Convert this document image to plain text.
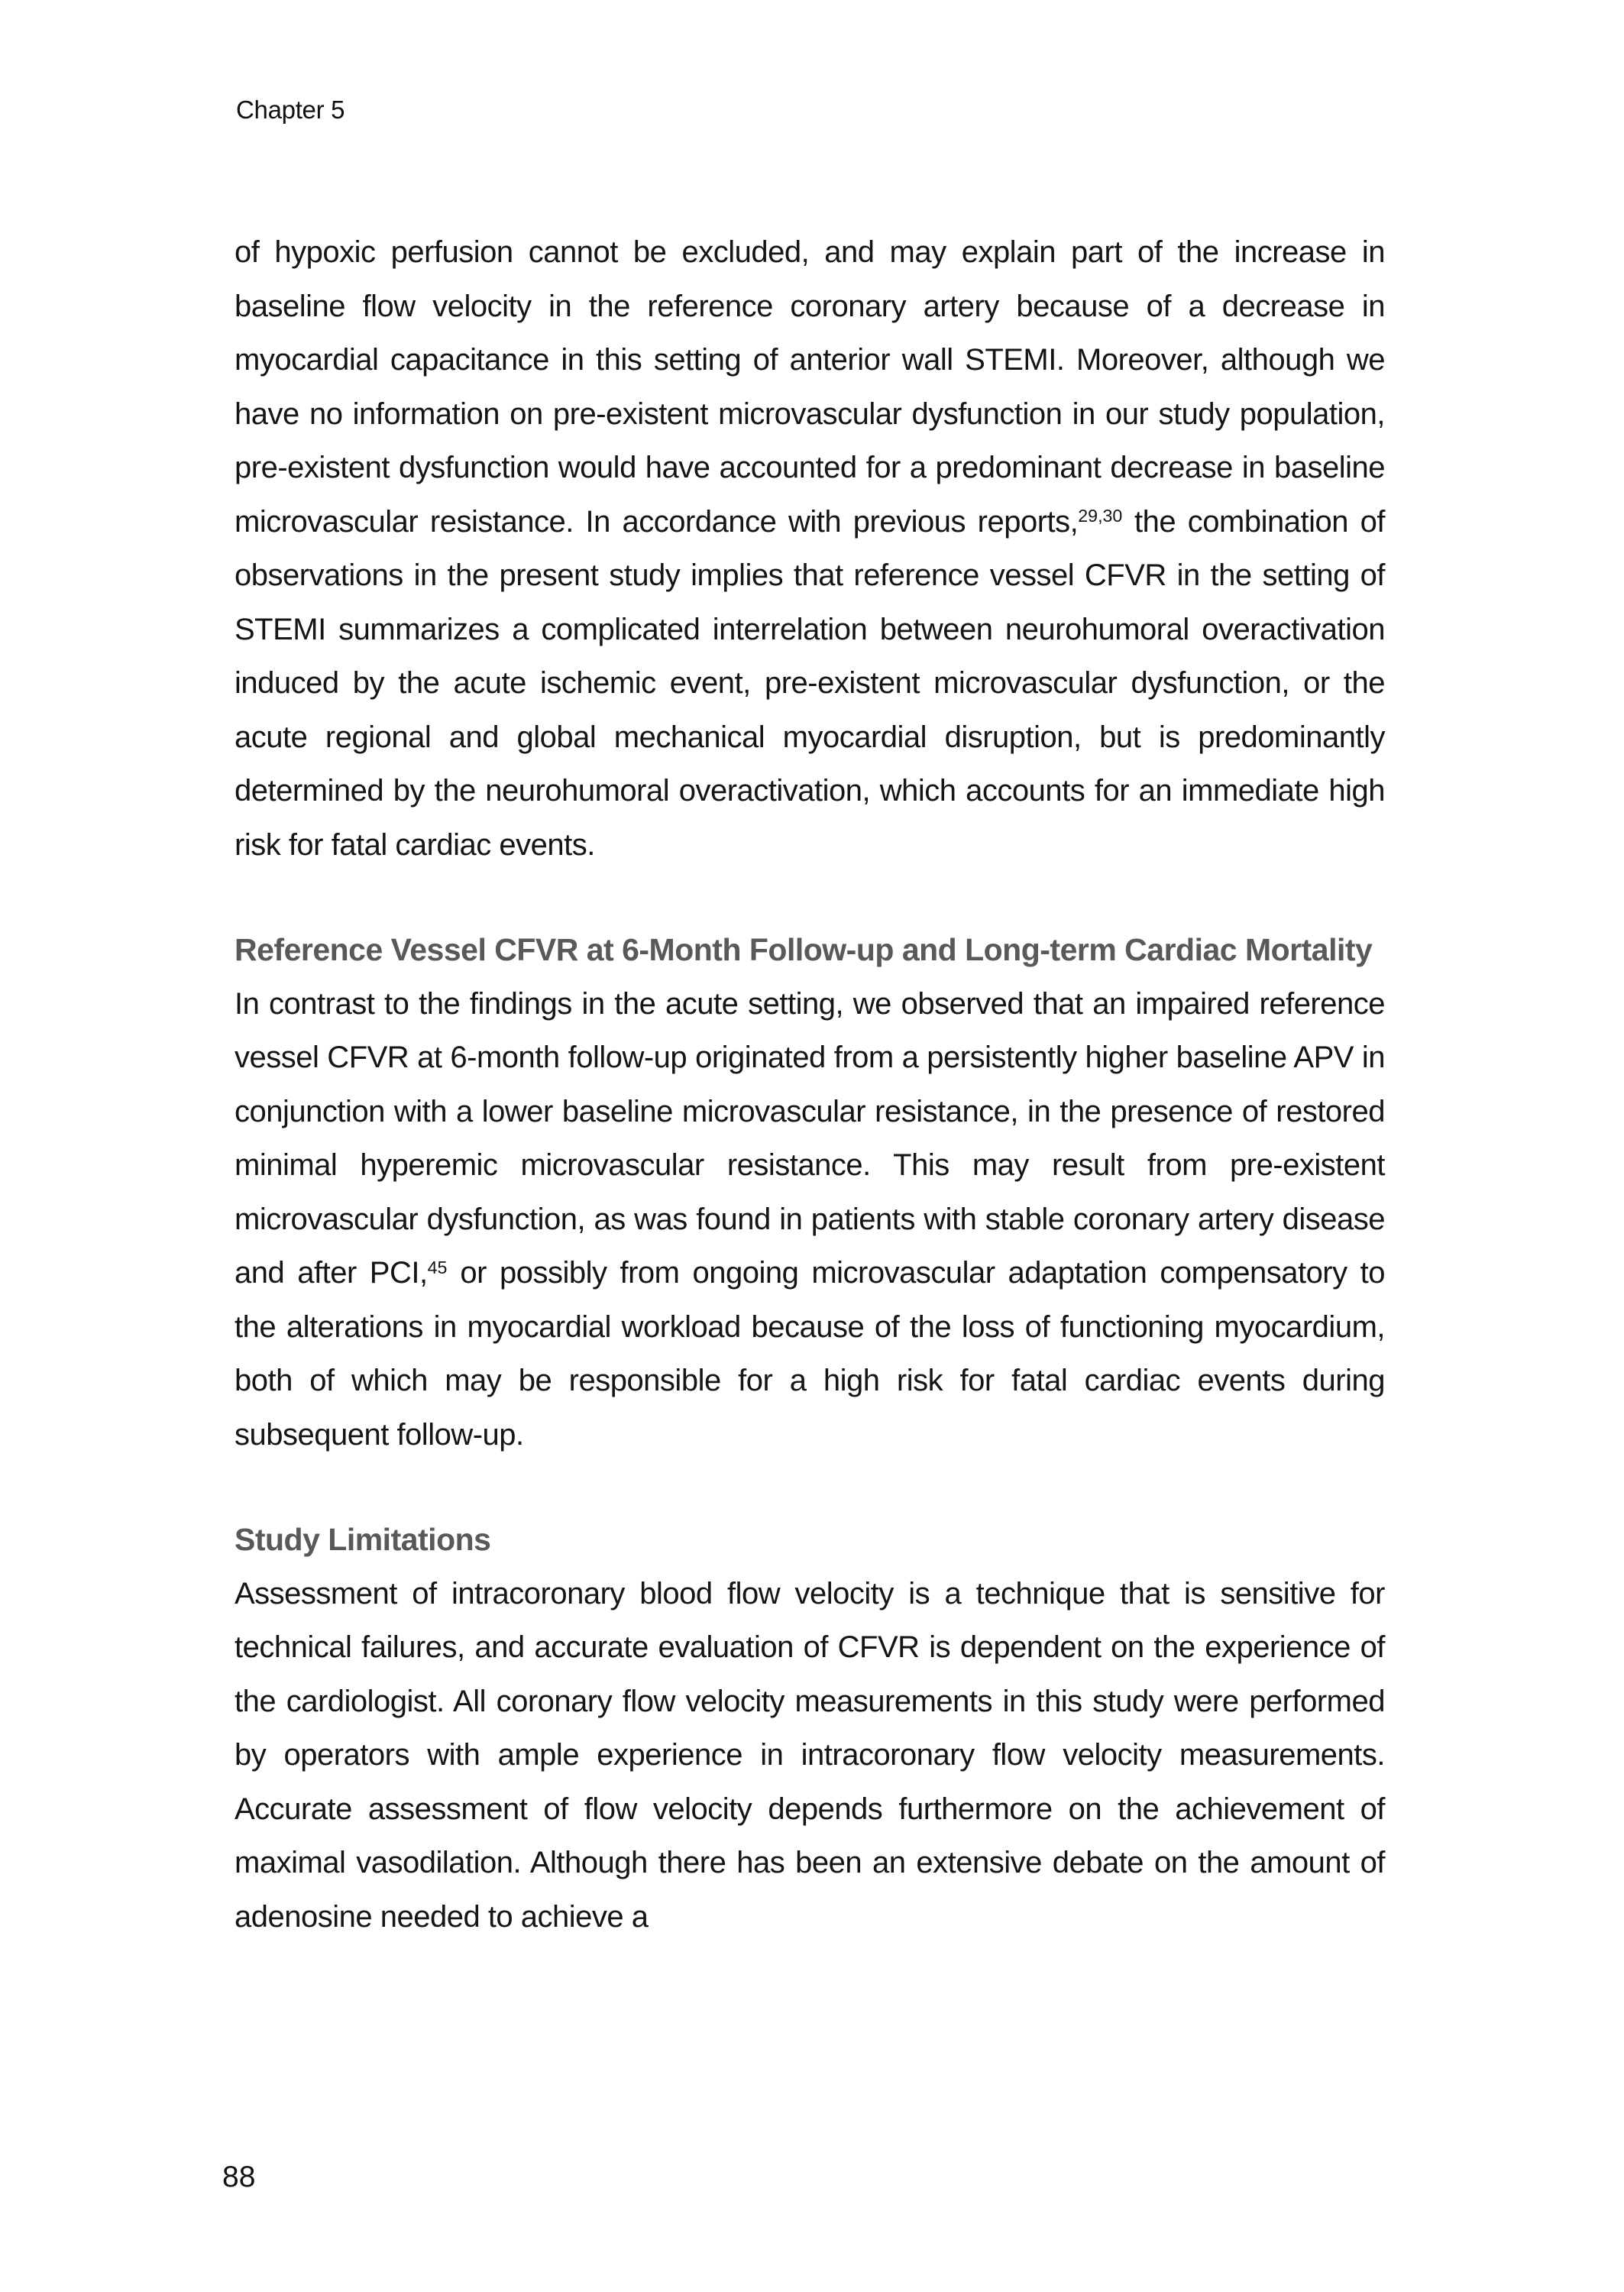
Chapter 5

of hypoxic perfusion cannot be excluded, and may explain part of the increase in baseline flow velocity in the reference coronary artery because of a decrease in myocardial capacitance in this setting of anterior wall STEMI. Moreover, although we have no information on pre-existent microvascular dysfunction in our study population, pre-existent dysfunction would have accounted for a predominant decrease in baseline microvascular resistance. In accordance with previous reports,$^{29,30}$ the combination of observations in the present study implies that reference vessel CFVR in the setting of STEMI summarizes a complicated interrelation between neurohumoral overactivation induced by the acute ischemic event, pre-existent microvascular dysfunction, or the acute regional and global mechanical myocardial disruption, but is predominantly determined by the neurohumoral overactivation, which accounts for an immediate high risk for fatal cardiac events.

Reference Vessel CFVR at 6-Month Follow-up and Long-term Cardiac Mortality

In contrast to the findings in the acute setting, we observed that an impaired reference vessel CFVR at 6-month follow-up originated from a persistently higher baseline APV in conjunction with a lower baseline microvascular resistance, in the presence of restored minimal hyperemic microvascular resistance. This may result from pre-existent microvascular dysfunction, as was found in patients with stable coronary artery disease and after PCI,$^{45}$ or possibly from ongoing microvascular adaptation compensatory to the alterations in myocardial workload because of the loss of functioning myocardium, both of which may be responsible for a high risk for fatal cardiac events during subsequent follow-up.

Study Limitations

Assessment of intracoronary blood flow velocity is a technique that is sensitive for technical failures, and accurate evaluation of CFVR is dependent on the experience of the cardiologist. All coronary flow velocity measurements in this study were performed by operators with ample experience in intracoronary flow velocity measurements. Accurate assessment of flow velocity depends furthermore on the achievement of maximal vasodilation. Although there has been an extensive debate on the amount of adenosine needed to achieve a

88
